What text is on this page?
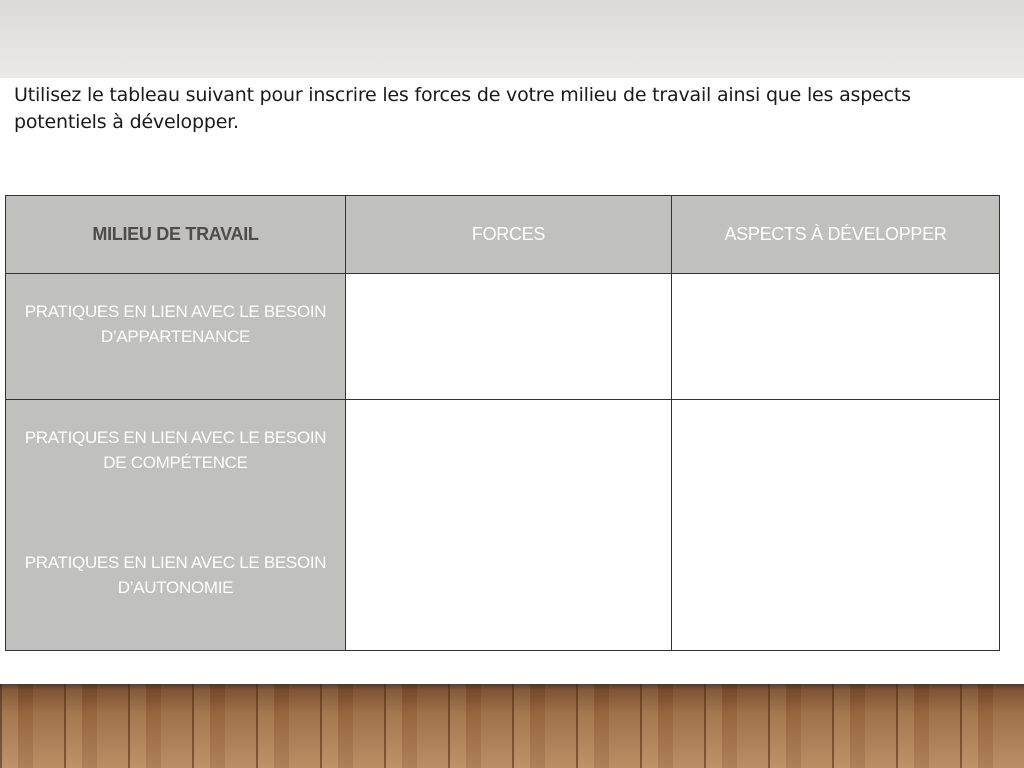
Utilisez le tableau suivant pour inscrire les forces de votre milieu de travail ainsi que les aspects potentiels à développer.

MILIEU DE TRAVAIL	FORCES	ASPECTS À DÉVELOPPER

PRATIQUES EN LIEN AVEC LE BESOIN D’APPARTENANCE		

PRATIQUES EN LIEN AVEC LE BESOIN DE COMPÉTENCE
PRATIQUES EN LIEN AVEC LE BESOIN D’AUTONOMIE		
